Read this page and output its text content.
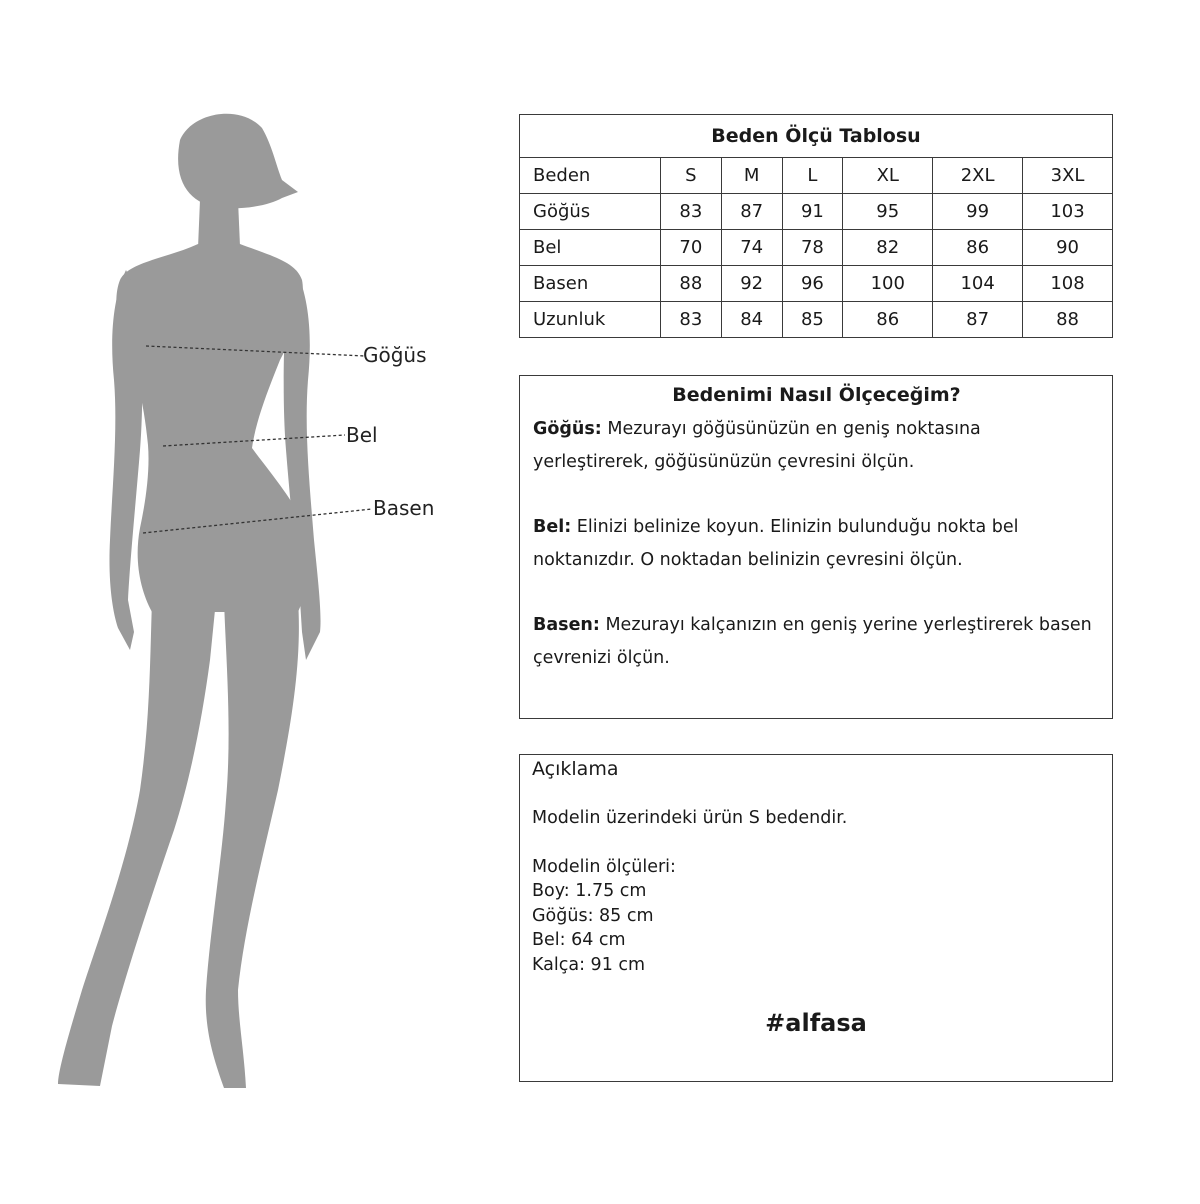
Göğüs
Bel
Basen
Beden Ölçü Tablosu						
Beden	S	M	L	XL	2XL	3XL
Göğüs	83	87	91	95	99	103
Bel	70	74	78	82	86	90
Basen	88	92	96	100	104	108
Uzunluk	83	84	85	86	87	88
Bedenimi Nasıl Ölçeceğim?

Göğüs: Mezurayı göğüsünüzün en geniş noktasına yerleştirerek, göğüsünüzün çevresini ölçün.

Bel: Elinizi belinize koyun. Elinizin bulunduğu nokta bel noktanızdır. O noktadan belinizin çevresini ölçün.

Basen: Mezurayı kalçanızın en geniş yerine yerleştirerek basen çevrenizi ölçün.

Açıklama
Modelin üzerindeki ürün S bedendir.
Modelin ölçüleri:
Boy: 1.75 cm
Göğüs: 85 cm
Bel: 64 cm
Kalça: 91 cm
#alfasa
